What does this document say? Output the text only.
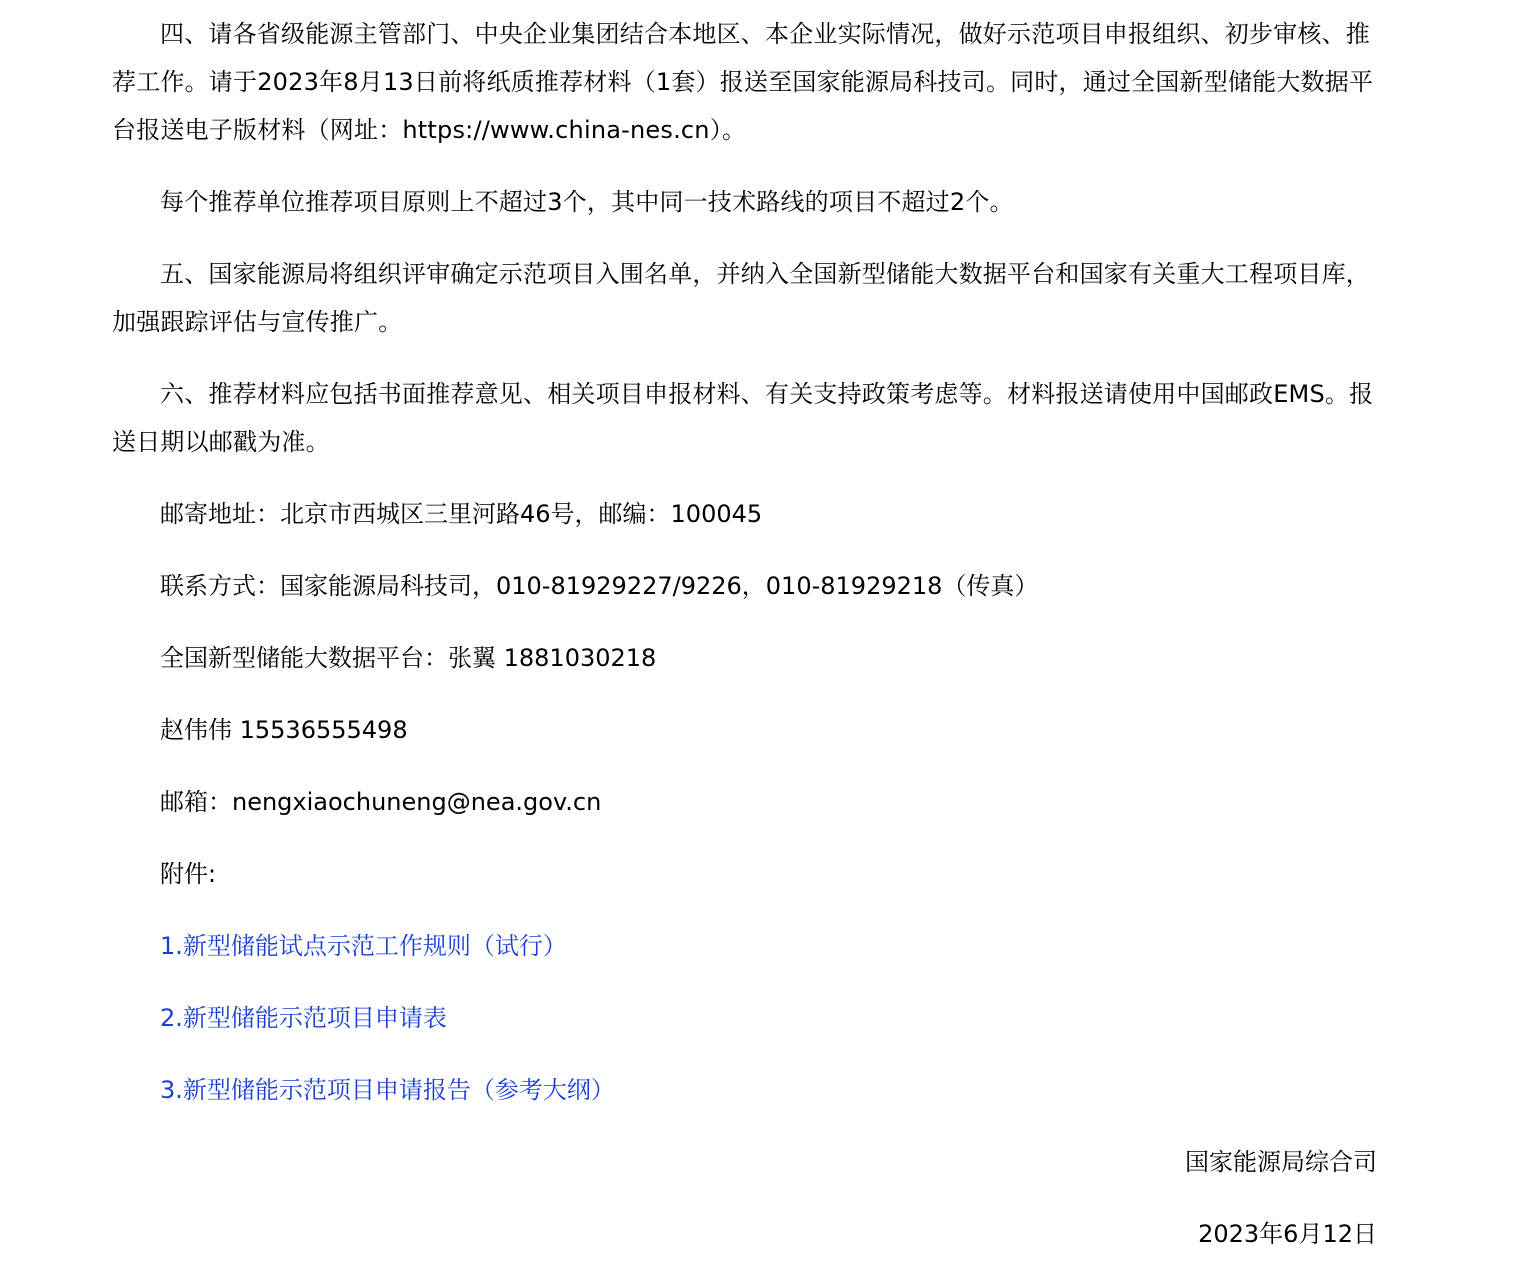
四、请各省级能源主管部门、中央企业集团结合本地区、本企业实际情况，做好示范项目申报组织、初步审核、推荐工作。请于2023年8月13日前将纸质推荐材料（1套）报送至国家能源局科技司。同时，通过全国新型储能大数据平台报送电子版材料（网址：https://www.china-nes.cn）。

每个推荐单位推荐项目原则上不超过3个，其中同一技术路线的项目不超过2个。

五、国家能源局将组织评审确定示范项目入围名单，并纳入全国新型储能大数据平台和国家有关重大工程项目库，加强跟踪评估与宣传推广。

六、推荐材料应包括书面推荐意见、相关项目申报材料、有关支持政策考虑等。材料报送请使用中国邮政EMS。报送日期以邮戳为准。

邮寄地址：北京市西城区三里河路46号，邮编：100045

联系方式：国家能源局科技司，010-81929227/9226，010-81929218（传真）

全国新型储能大数据平台：张翼 1881030218

赵伟伟 15536555498

邮箱：nengxiaochuneng@nea.gov.cn

附件:

1.新型储能试点示范工作规则（试行）
2.新型储能示范项目申请表
3.新型储能示范项目申请报告（参考大纲）

国家能源局综合司

2023年6月12日
